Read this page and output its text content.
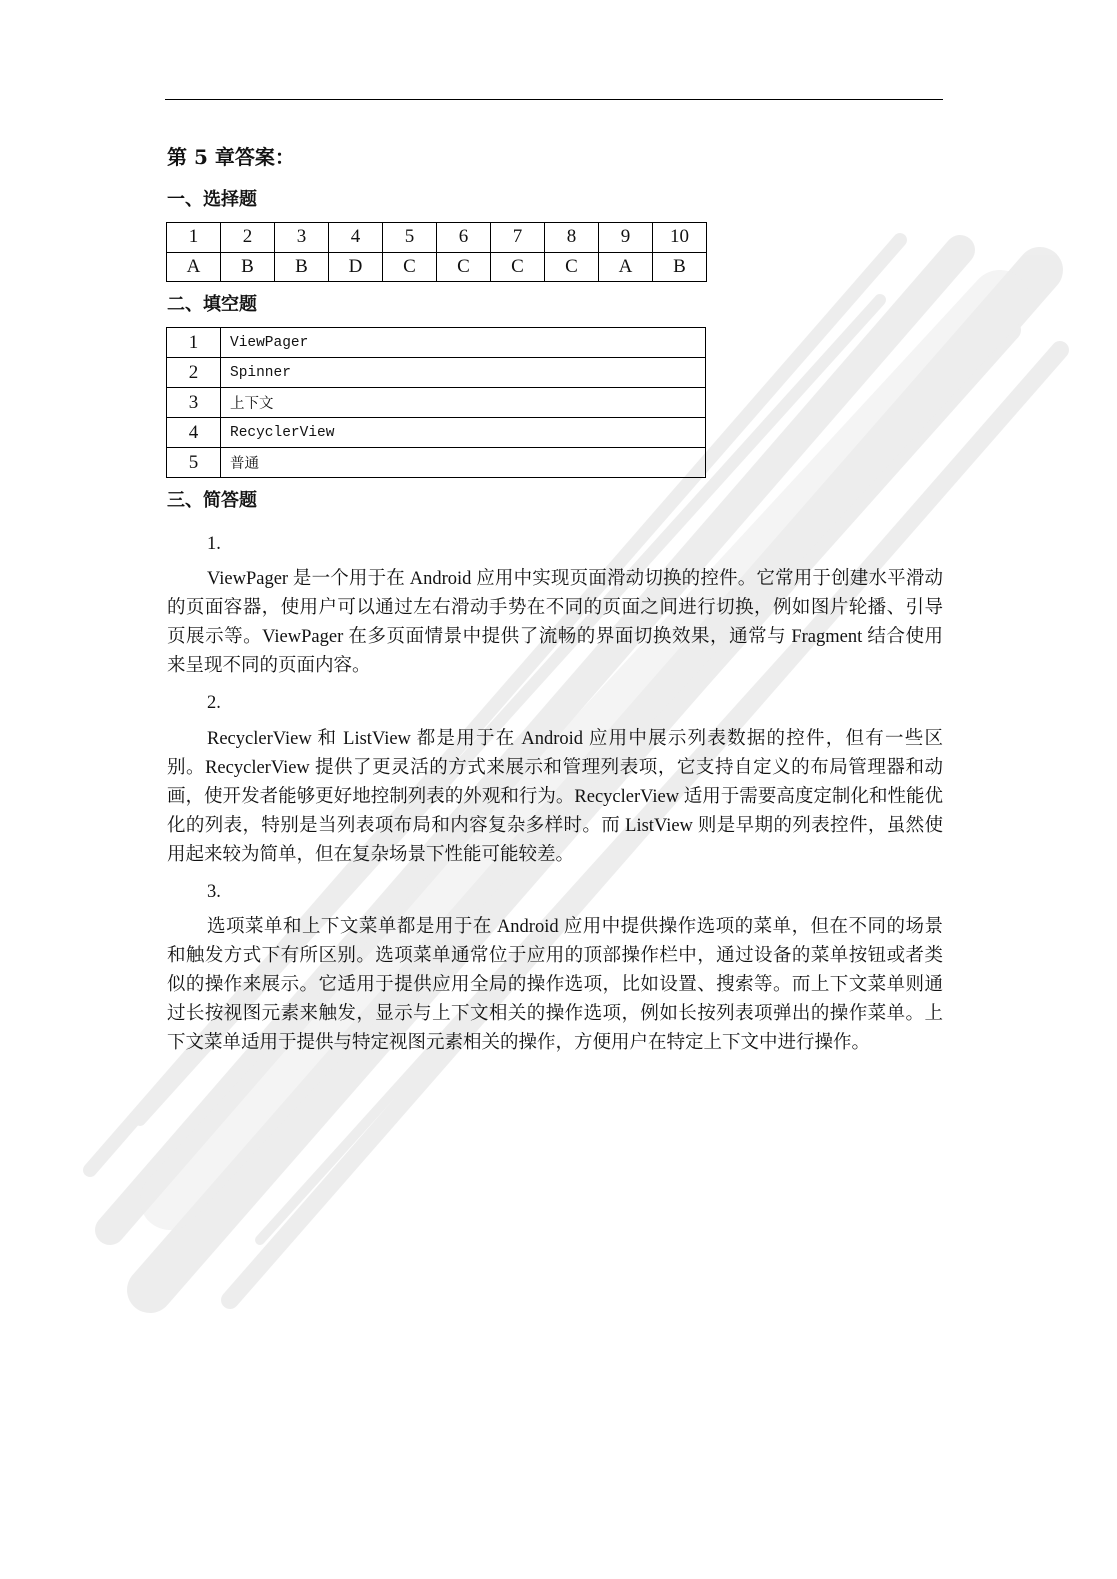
第 5 章答案：
一、选择题
1	2	3	4	5	6	7	8	9	10
A	B	B	D	C	C	C	C	A	B
二、填空题
1	ViewPager
2	Spinner
3	上下文
4	RecyclerView
5	普通
三、简答题
1.

ViewPager 是一个用于在 Android 应用中实现页面滑动切换的控件。它常用于创建水平滑动的页面容器，使用户可以通过左右滑动手势在不同的页面之间进行切换，例如图片轮播、引导页展示等。ViewPager 在多页面情景中提供了流畅的界面切换效果，通常与 Fragment 结合使用来呈现不同的页面内容。

2.

RecyclerView 和 ListView 都是用于在 Android 应用中展示列表数据的控件，但有一些区别。RecyclerView 提供了更灵活的方式来展示和管理列表项，它支持自定义的布局管理器和动画，使开发者能够更好地控制列表的外观和行为。RecyclerView 适用于需要高度定制化和性能优化的列表，特别是当列表项布局和内容复杂多样时。而 ListView 则是早期的列表控件，虽然使用起来较为简单，但在复杂场景下性能可能较差。

3.

选项菜单和上下文菜单都是用于在 Android 应用中提供操作选项的菜单，但在不同的场景和触发方式下有所区别。选项菜单通常位于应用的顶部操作栏中，通过设备的菜单按钮或者类似的操作来展示。它适用于提供应用全局的操作选项，比如设置、搜索等。而上下文菜单则通过长按视图元素来触发，显示与上下文相关的操作选项，例如长按列表项弹出的操作菜单。上下文菜单适用于提供与特定视图元素相关的操作，方便用户在特定上下文中进行操作。
